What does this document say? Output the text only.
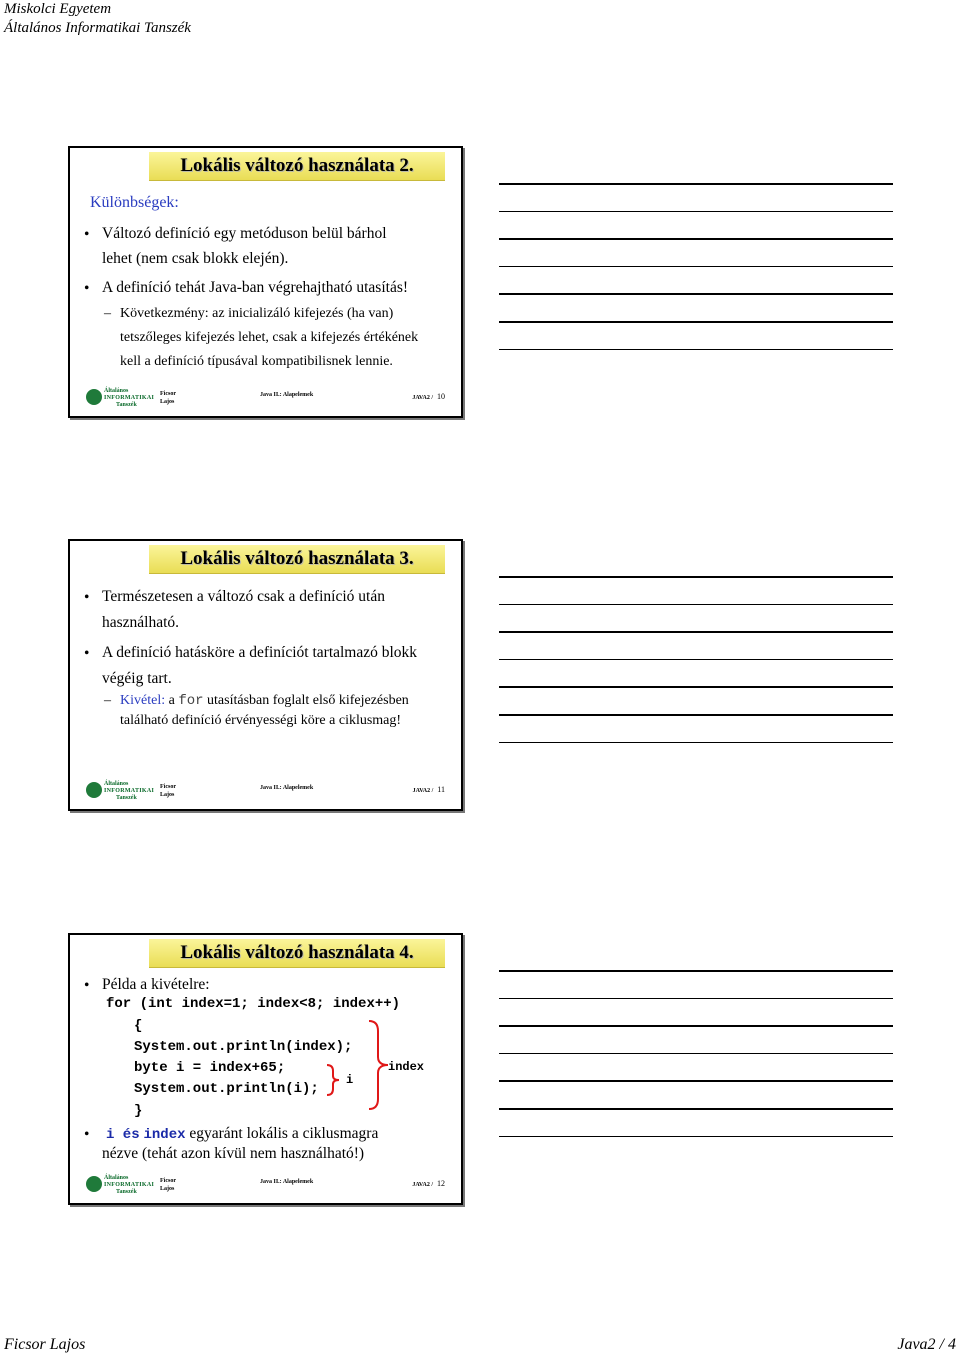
Miskolci Egyetem
Általános Informatikai Tanszék
Lokális változó használata 2.
Különbségek:
• Változó definíció egy metóduson belül bárhol
lehet (nem csak blokk elején).
• A definíció tehát Java-ban végrehajtható utasítás!
– Következmény: az inicializáló kifejezés (ha van)
tetszőleges kifejezés lehet, csak a kifejezés értékének
kell a definíció típusával kompatibilisnek lennie.
Általános
INFORMATIKAI
Tanszék
Ficsor
Lajos
Java II.: Alapelemek	JAVA2 / 10
Lokális változó használata 3.
• Természetesen a változó csak a definíció után
használható.
• A definíció hatásköre a definíciót tartalmazó blokk
végéig tart.
– Kivétel: a for utasításban foglalt első kifejezésben
található definíció érvényességi köre a ciklusmag!
Általános
INFORMATIKAI
Tanszék
Ficsor
Lajos
Java II.: Alapelemek	JAVA2 / 11
Lokális változó használata 4.
• Példa a kivételre:
for (int index=1; index<8; index++)
{
System.out.println(index);
byte i = index+65;
System.out.println(i);
}
i
index
• i és index egyaránt lokális a ciklusmagra
nézve (tehát azon kívül nem használható!)
Általános
INFORMATIKAI
Tanszék
Ficsor
Lajos
Java II.: Alapelemek	JAVA2 / 12
Ficsor Lajos	Java2 / 4
